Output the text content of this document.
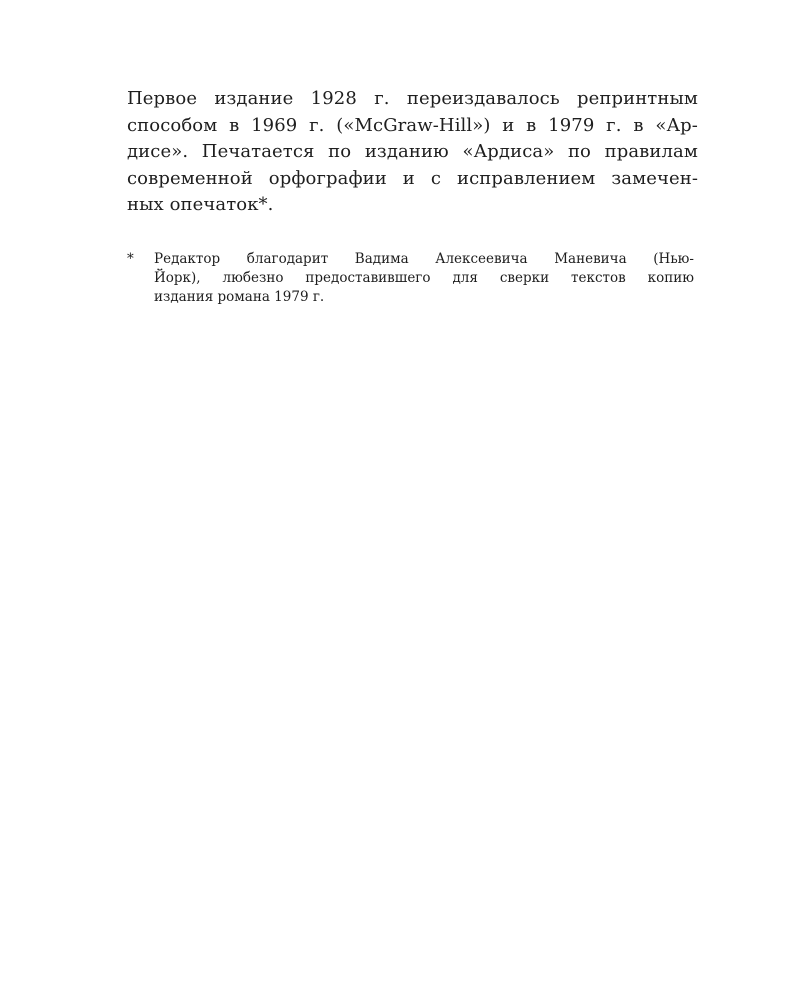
Первое издание 1928 г. переиздавалось репринтным
способом в 1969 г. («McGraw-Hill») и в 1979 г. в «Ар-
дисе». Печатается по изданию «Ардиса» по правилам
современной орфографии и с исправлением замечен-
ных опечаток*.

* Редактор благодарит Вадима Алексеевича Маневича (Нью-
Йорк), любезно предоставившего для сверки текстов копию
издания романа 1979 г.
